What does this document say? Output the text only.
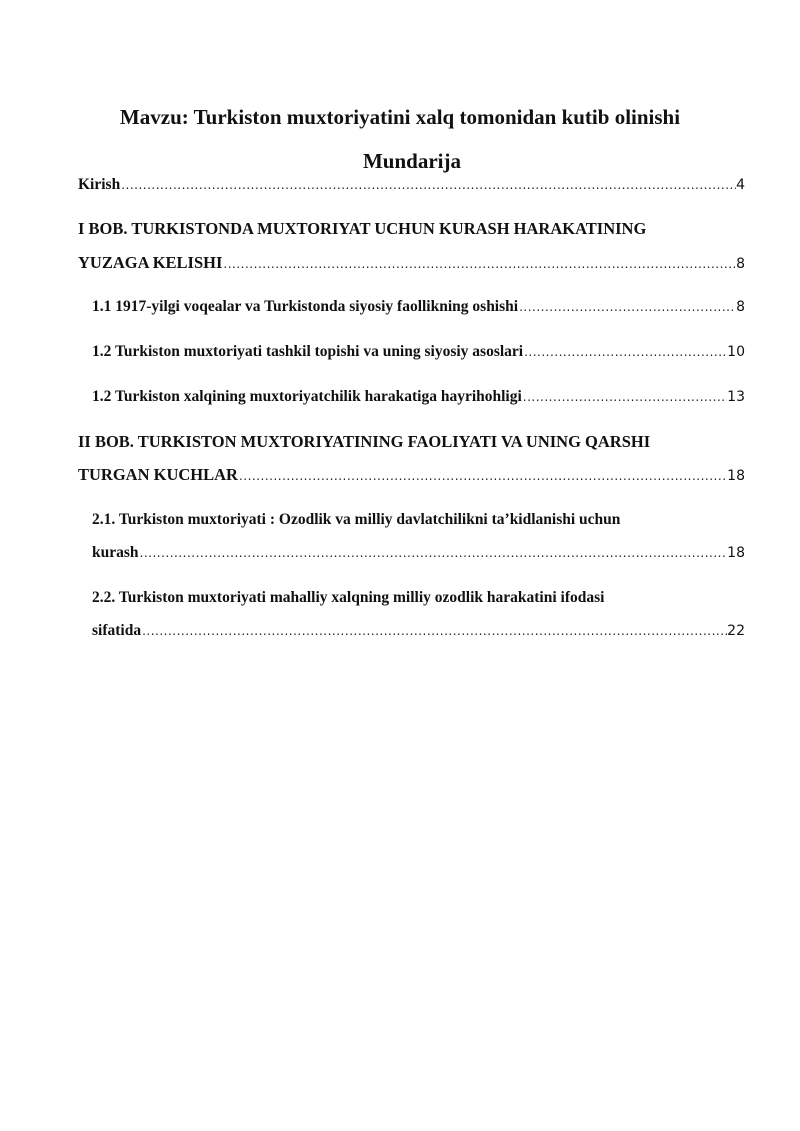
Mavzu: Turkiston muxtoriyatini xalq tomonidan kutib olinishi
Mundarija
Kirish .....	4
I BOB. TURKISTONDA MUXTORIYAT UCHUN KURASH HARAKATINING
YUZAGA KELISHI .....	8
1.1 1917-yilgi voqealar va Turkistonda siyosiy faollikning oshishi .....	8
1.2 Turkiston muxtoriyati tashkil topishi va uning siyosiy asoslari .....	10
1.2 Turkiston xalqining muxtoriyatchilik harakatiga hayrihohligi .....	13
II BOB. TURKISTON MUXTORIYATINING FAOLIYATI VA UNING QARSHI
TURGAN KUCHLAR .....	18
2.1. Turkiston muxtoriyati : Ozodlik va milliy davlatchilikni ta’kidlanishi uchun
kurash .....	18
2.2. Turkiston muxtoriyati mahalliy xalqning milliy ozodlik harakatini ifodasi
sifatida .....	22
